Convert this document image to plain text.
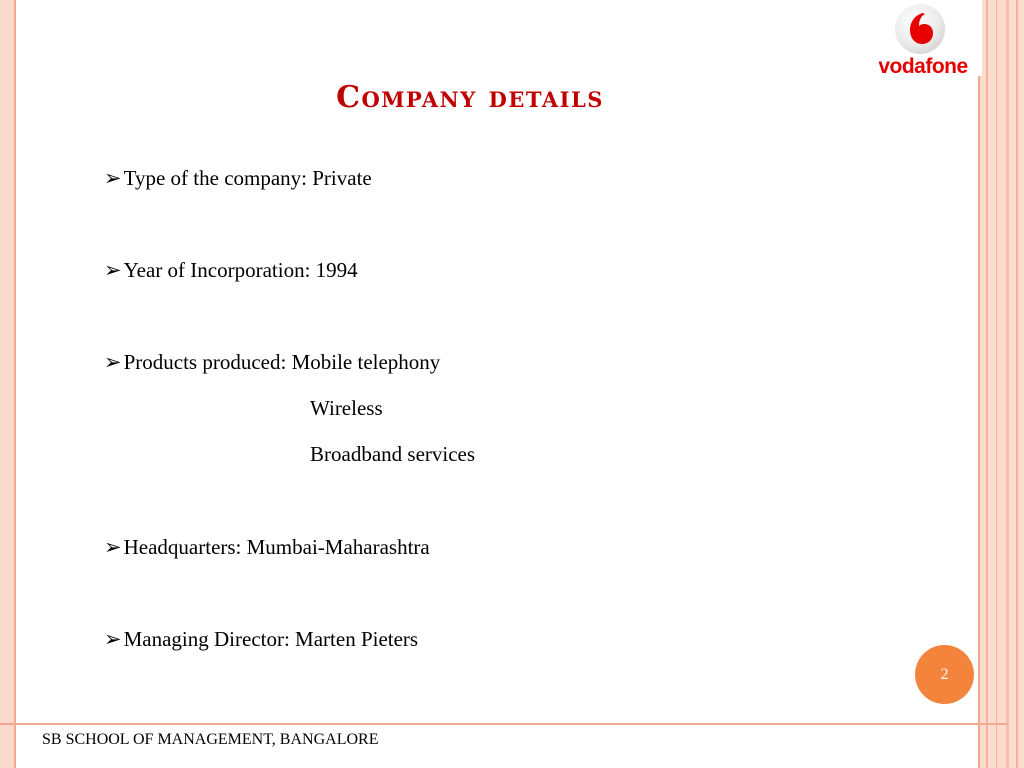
vodafone
Company details
➢Type of the company: Private
➢Year of Incorporation: 1994
➢Products produced: Mobile telephony
Wireless
Broadband services
➢Headquarters: Mumbai-Maharashtra
➢Managing Director: Marten Pieters
2
SB SCHOOL OF MANAGEMENT, BANGALORE
